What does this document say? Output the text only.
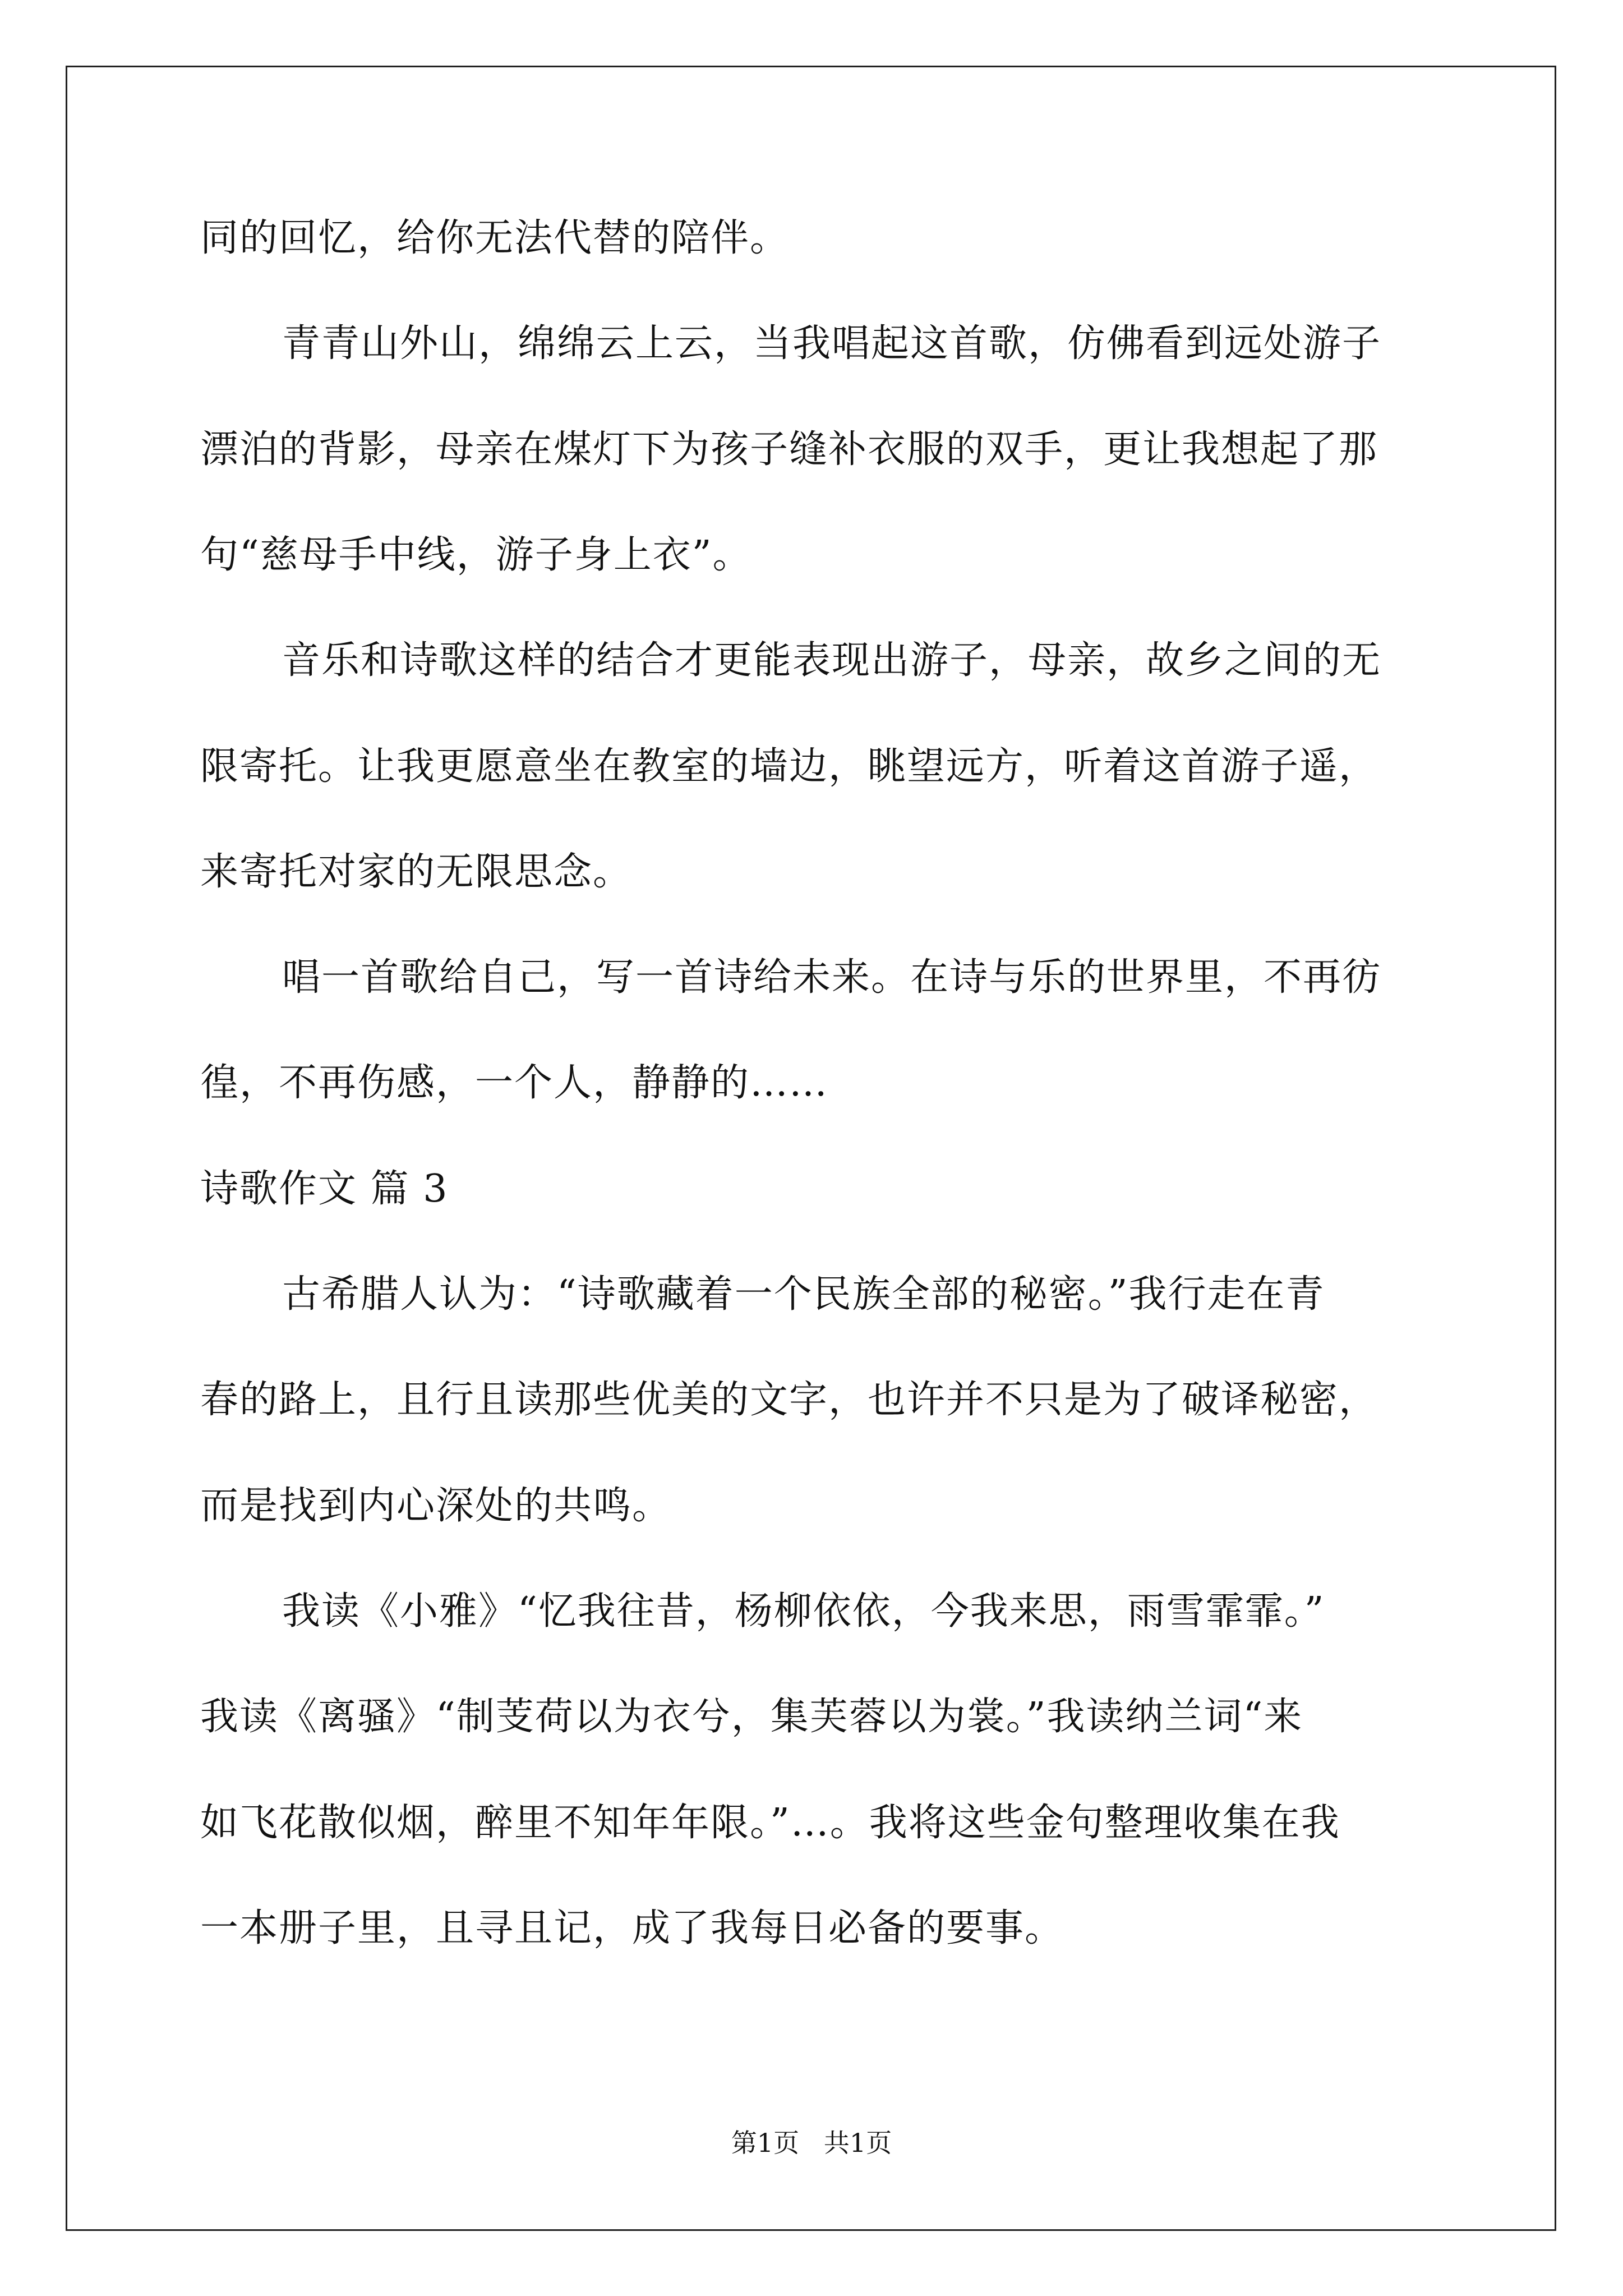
同的回忆，给你无法代替的陪伴。
青青山外山，绵绵云上云，当我唱起这首歌，仿佛看到远处游子
漂泊的背影，母亲在煤灯下为孩子缝补衣服的双手，更让我想起了那
句“慈母手中线，游子身上衣”。
音乐和诗歌这样的结合才更能表现出游子，母亲，故乡之间的无
限寄托。让我更愿意坐在教室的墙边，眺望远方，听着这首游子遥，
来寄托对家的无限思念。
唱一首歌给自己，写一首诗给未来。在诗与乐的世界里，不再彷
徨，不再伤感，一个人，静静的……
诗歌作文 篇 3
古希腊人认为：“诗歌藏着一个民族全部的秘密。”我行走在青
春的路上，且行且读那些优美的文字，也许并不只是为了破译秘密，
而是找到内心深处的共鸣。
我读《小雅》“忆我往昔，杨柳依依，今我来思，雨雪霏霏。”
我读《离骚》“制芰荷以为衣兮，集芙蓉以为裳。”我读纳兰词“来
如飞花散似烟，醉里不知年年限。”…。我将这些金句整理收集在我
一本册子里，且寻且记，成了我每日必备的要事。
第1页   共1页
